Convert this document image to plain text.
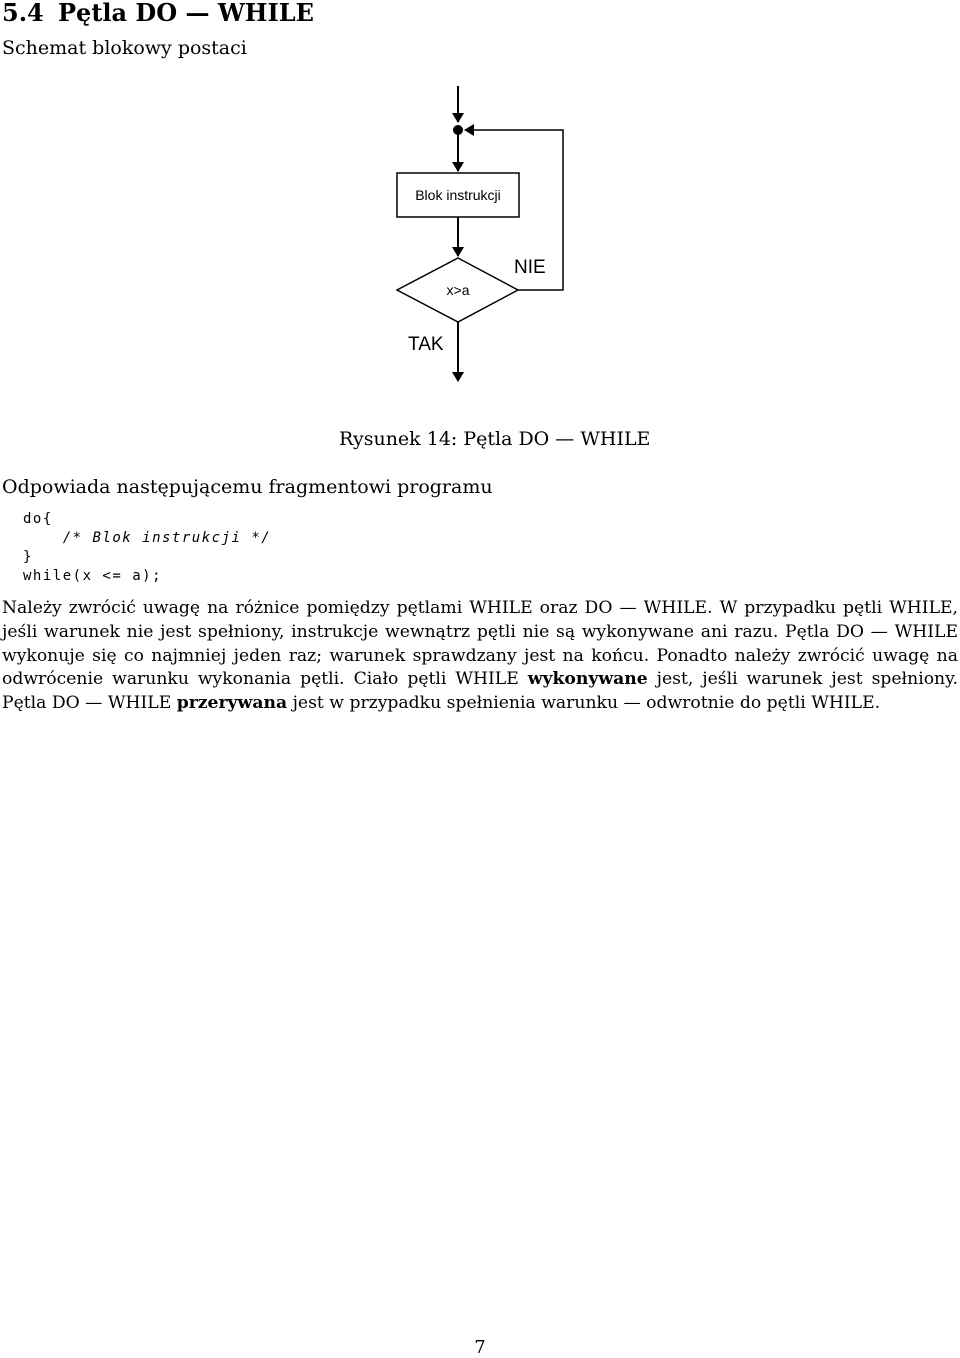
5.4 Pętla DO — WHILE
Schemat blokowy postaci
Blok instrukcji
x>a
NIE
TAK
Rysunek 14: Pętla DO — WHILE
Odpowiada następującemu fragmentowi programu
do{
/* Blok instrukcji */
}
while(x <= a);
Należy zwrócić uwagę na różnice pomiędzy pętlami WHILE oraz DO — WHILE. W przypadku pętli WHILE,
jeśli warunek nie jest spełniony, instrukcje wewnątrz pętli nie są wykonywane ani razu. Pętla DO — WHILE
wykonuje się co najmniej jeden raz; warunek sprawdzany jest na końcu. Ponadto należy zwrócić uwagę na
odwrócenie warunku wykonania pętli. Ciało pętli WHILE wykonywane jest, jeśli warunek jest spełniony.
Pętla DO — WHILE przerywana jest w przypadku spełnienia warunku — odwrotnie do pętli WHILE.
7
